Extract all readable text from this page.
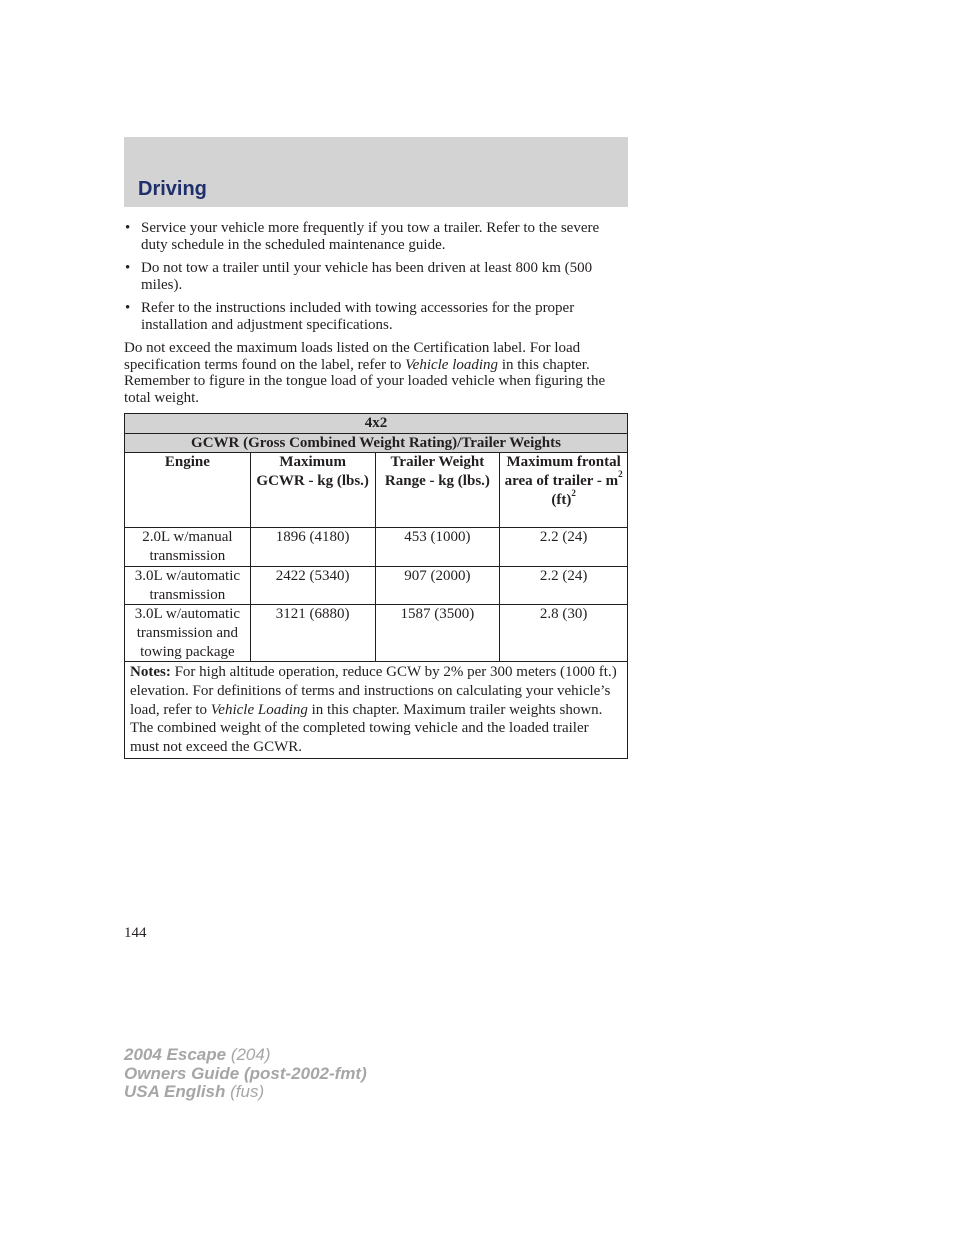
Driving
• Service your vehicle more frequently if you tow a trailer. Refer to the severe duty schedule in the scheduled maintenance guide.
• Do not tow a trailer until your vehicle has been driven at least 800 km (500 miles).
• Refer to the instructions included with towing accessories for the proper installation and adjustment specifications.

Do not exceed the maximum loads listed on the Certification label. For load specification terms found on the label, refer to Vehicle loading in this chapter. Remember to figure in the tongue load of your loaded vehicle when figuring the total weight.

4x2			
GCWR (Gross Combined Weight Rating)/Trailer Weights			
Engine	Maximum GCWR - kg (lbs.)	Trailer Weight Range - kg (lbs.)	Maximum frontal area of trailer - $m^2$
(ft)$^2$
2.0L w/manual transmission	1896 (4180)	453 (1000)	2.2 (24)
3.0L w/automatic transmission	2422 (5340)	907 (2000)	2.2 (24)
3.0L w/automatic transmission and towing package	3121 (6880)	1587 (3500)	2.8 (30)
Notes: For high altitude operation, reduce GCW by 2% per 300 meters (1000 ft.) elevation. For definitions of terms and instructions on calculating your vehicle’s load, refer to Vehicle Loading in this chapter. Maximum trailer weights shown. The combined weight of the completed towing vehicle and the loaded trailer must not exceed the GCWR.			
144
2004 Escape (204)
Owners Guide (post-2002-fmt)
USA English (fus)
